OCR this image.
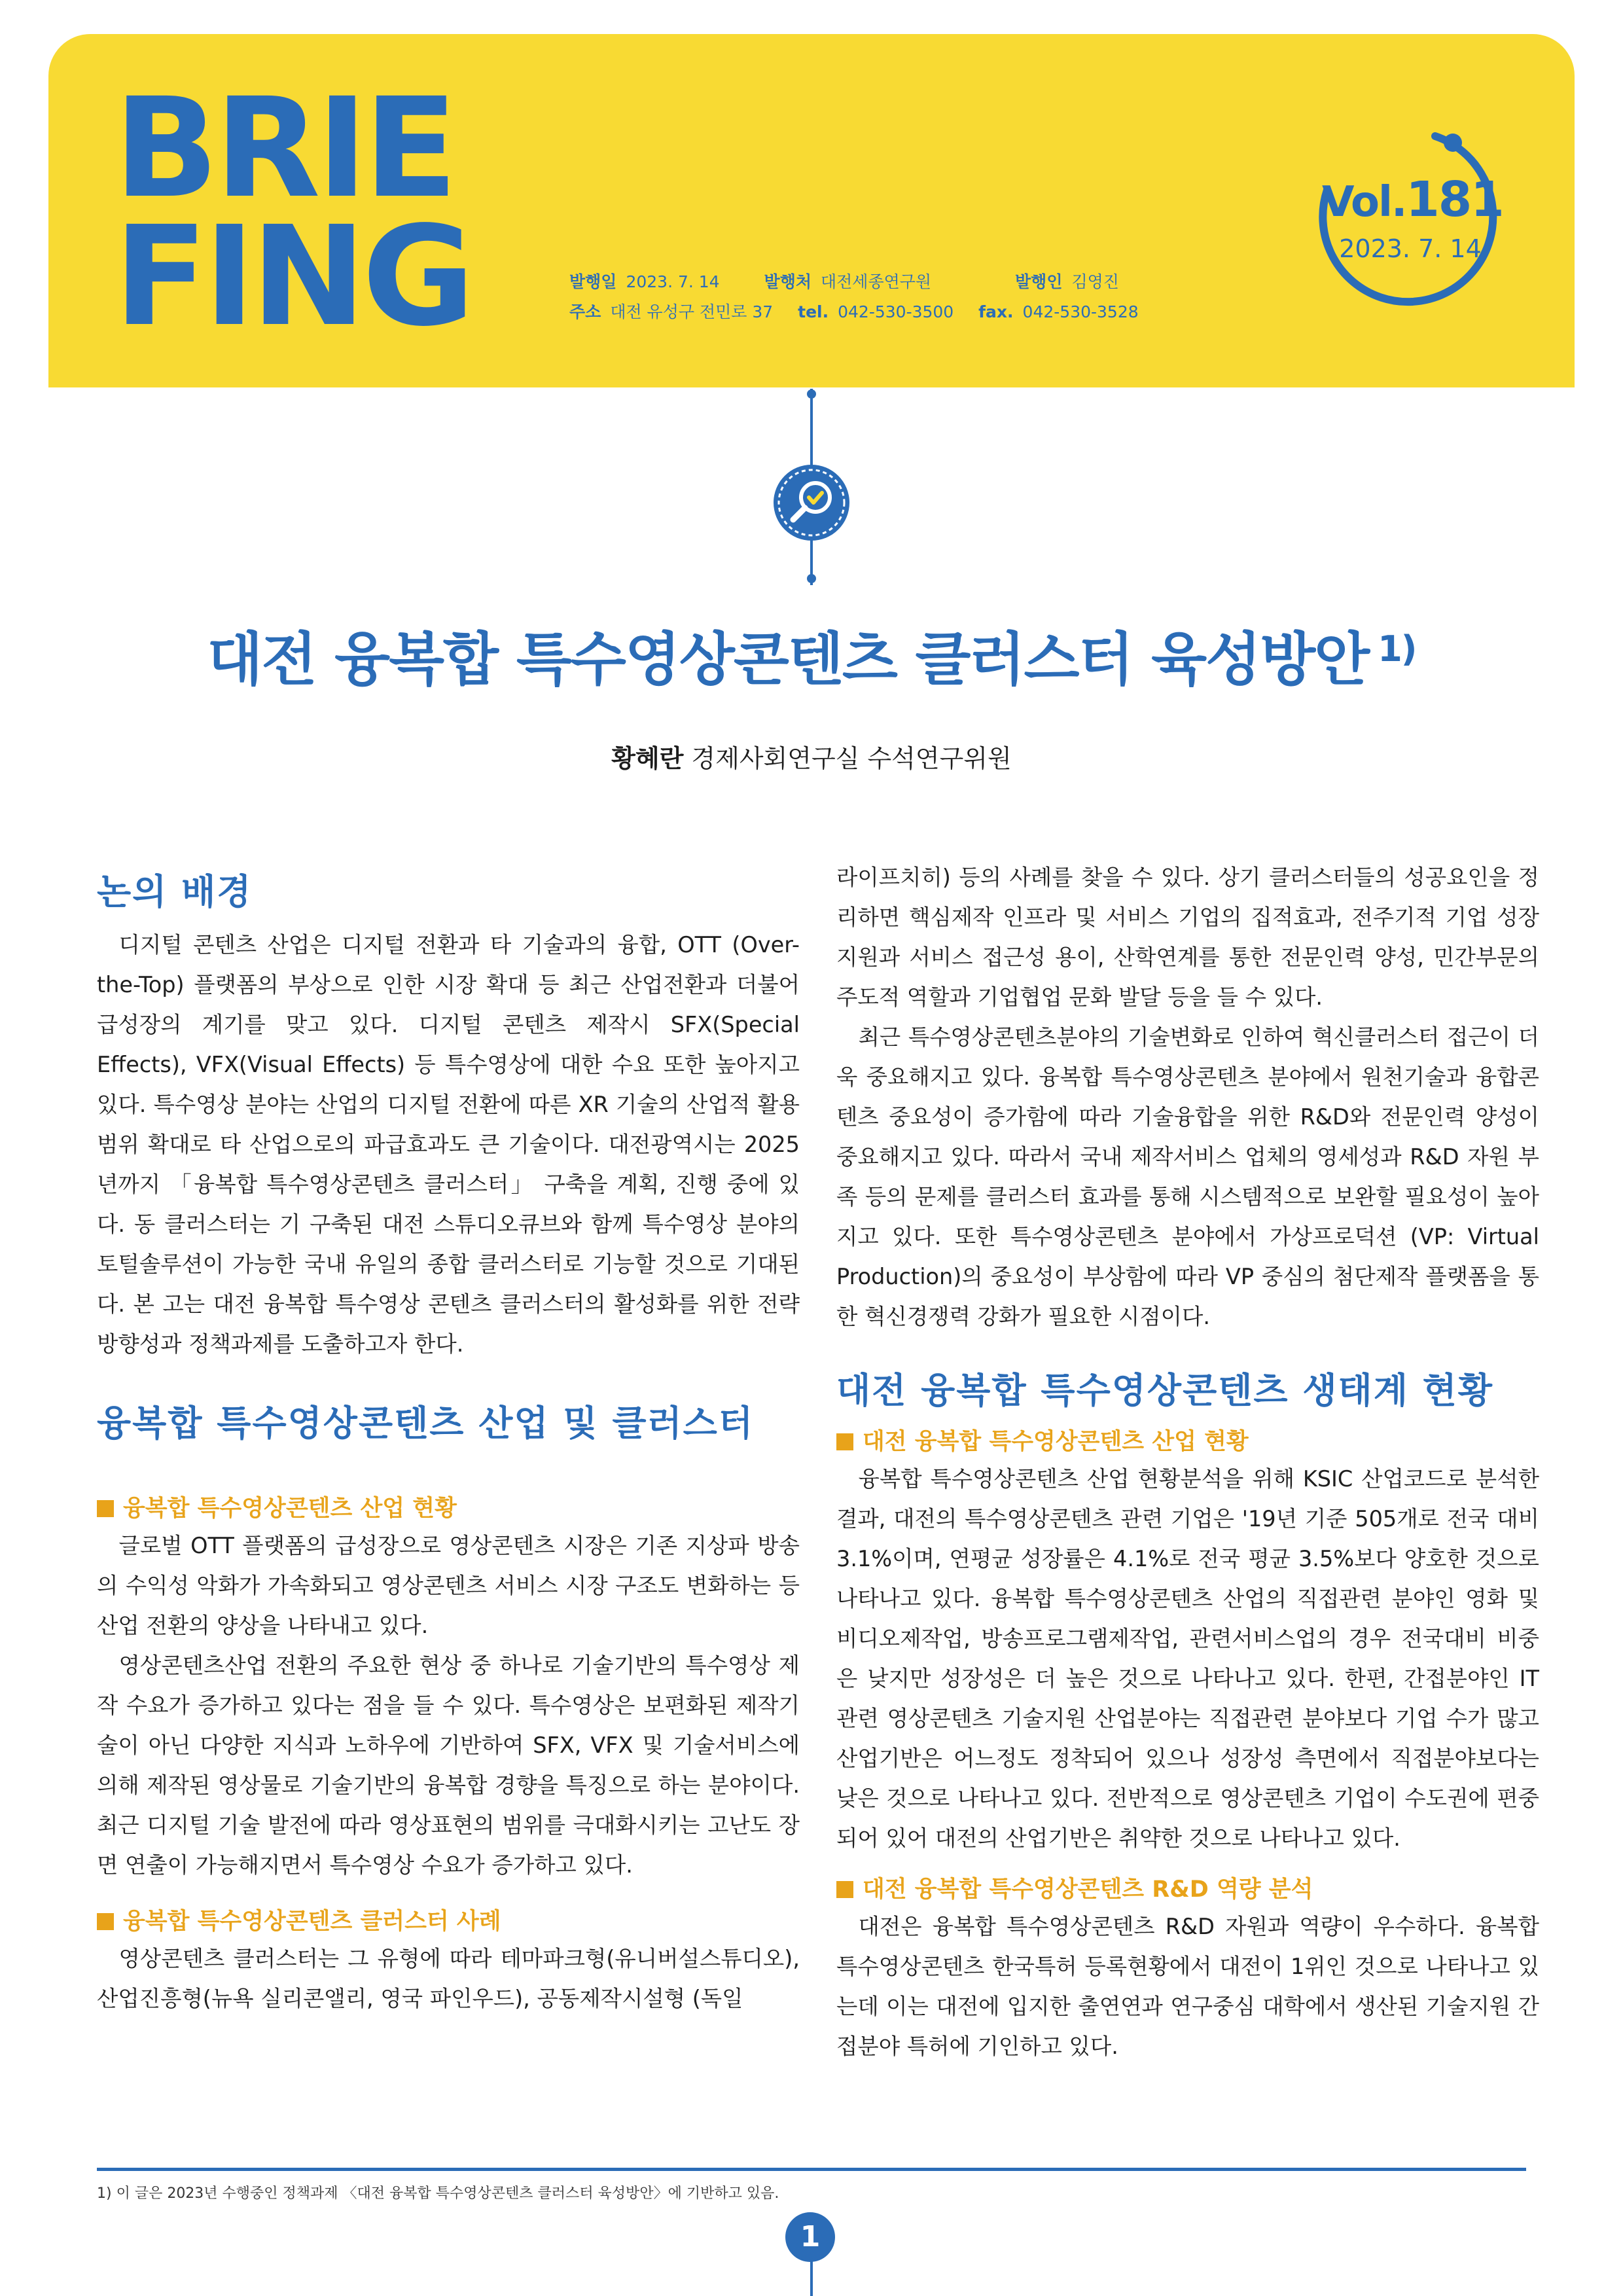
BRIE
FING	발행일 2023. 7. 14	발행처 대전세종연구원	발행인 김영진
주소 대전 유성구 전민로 37 tel. 042-530-3500 fax. 042-530-3528
Vol.181
2023. 7. 14
대전 융복합 특수영상콘텐츠 클러스터 육성방안 $^{1)}$
황혜란 경제사회연구실 수석연구위원
논의 배경

디지털 콘텐츠 산업은 디지털 전환과 타 기술과의 융합, OTT (Over-the-Top) 플랫폼의 부상으로 인한 시장 확대 등 최근 산업전환과 더불어 급성장의 계기를 맞고 있다. 디지털 콘텐츠 제작시 SFX(Special Effects), VFX(Visual Effects) 등 특수영상에 대한 수요 또한 높아지고 있다. 특수영상 분야는 산업의 디지털 전환에 따른 XR 기술의 산업적 활용범위 확대로 타 산업으로의 파급효과도 큰 기술이다. 대전광역시는 2025년까지 「융복합 특수영상콘텐츠 클러스터」 구축을 계획, 진행 중에 있다. 동 클러스터는 기 구축된 대전 스튜디오큐브와 함께 특수영상 분야의 토털솔루션이 가능한 국내 유일의 종합 클러스터로 기능할 것으로 기대된다. 본 고는 대전 융복합 특수영상 콘텐츠 클러스터의 활성화를 위한 전략 방향성과 정책과제를 도출하고자 한다.

융복합 특수영상콘텐츠 산업 및 클러스터
융복합 특수영상콘텐츠 산업 현황

글로벌 OTT 플랫폼의 급성장으로 영상콘텐츠 시장은 기존 지상파 방송의 수익성 악화가 가속화되고 영상콘텐츠 서비스 시장 구조도 변화하는 등 산업 전환의 양상을 나타내고 있다.

영상콘텐츠산업 전환의 주요한 현상 중 하나로 기술기반의 특수영상 제작 수요가 증가하고 있다는 점을 들 수 있다. 특수영상은 보편화된 제작기술이 아닌 다양한 지식과 노하우에 기반하여 SFX, VFX 및 기술서비스에 의해 제작된 영상물로 기술기반의 융복합 경향을 특징으로 하는 분야이다. 최근 디지털 기술 발전에 따라 영상표현의 범위를 극대화시키는 고난도 장면 연출이 가능해지면서 특수영상 수요가 증가하고 있다.

융복합 특수영상콘텐츠 클러스터 사례

영상콘텐츠 클러스터는 그 유형에 따라 테마파크형(유니버설스튜디오), 산업진흥형(뉴욕 실리콘앨리, 영국 파인우드), 공동제작시설형 (독일

라이프치히) 등의 사례를 찾을 수 있다. 상기 클러스터들의 성공요인을 정리하면 핵심제작 인프라 및 서비스 기업의 집적효과, 전주기적 기업 성장 지원과 서비스 접근성 용이, 산학연계를 통한 전문인력 양성, 민간부문의 주도적 역할과 기업협업 문화 발달 등을 들 수 있다.

최근 특수영상콘텐츠분야의 기술변화로 인하여 혁신클러스터 접근이 더욱 중요해지고 있다. 융복합 특수영상콘텐츠 분야에서 원천기술과 융합콘텐츠 중요성이 증가함에 따라 기술융합을 위한 R&D와 전문인력 양성이 중요해지고 있다. 따라서 국내 제작서비스 업체의 영세성과 R&D 자원 부족 등의 문제를 클러스터 효과를 통해 시스템적으로 보완할 필요성이 높아지고 있다. 또한 특수영상콘텐츠 분야에서 가상프로덕션 (VP: Virtual Production)의 중요성이 부상함에 따라 VP 중심의 첨단제작 플랫폼을 통한 혁신경쟁력 강화가 필요한 시점이다.

대전 융복합 특수영상콘텐츠 생태계 현황
대전 융복합 특수영상콘텐츠 산업 현황

융복합 특수영상콘텐츠 산업 현황분석을 위해 KSIC 산업코드로 분석한 결과, 대전의 특수영상콘텐츠 관련 기업은 '19년 기준 505개로 전국 대비 3.1%이며, 연평균 성장률은 4.1%로 전국 평균 3.5%보다 양호한 것으로 나타나고 있다. 융복합 특수영상콘텐츠 산업의 직접관련 분야인 영화 및 비디오제작업, 방송프로그램제작업, 관련서비스업의 경우 전국대비 비중은 낮지만 성장성은 더 높은 것으로 나타나고 있다. 한편, 간접분야인 IT 관련 영상콘텐츠 기술지원 산업분야는 직접관련 분야보다 기업 수가 많고 산업기반은 어느정도 정착되어 있으나 성장성 측면에서 직접분야보다는 낮은 것으로 나타나고 있다. 전반적으로 영상콘텐츠 기업이 수도권에 편중되어 있어 대전의 산업기반은 취약한 것으로 나타나고 있다.

대전 융복합 특수영상콘텐츠 R&D 역량 분석

대전은 융복합 특수영상콘텐츠 R&D 자원과 역량이 우수하다. 융복합 특수영상콘텐츠 한국특허 등록현황에서 대전이 1위인 것으로 나타나고 있는데 이는 대전에 입지한 출연연과 연구중심 대학에서 생산된 기술지원 간접분야 특허에 기인하고 있다.

1) 이 글은 2023년 수행중인 정책과제 〈대전 융복합 특수영상콘텐츠 클러스터 육성방안〉에 기반하고 있음.
1
